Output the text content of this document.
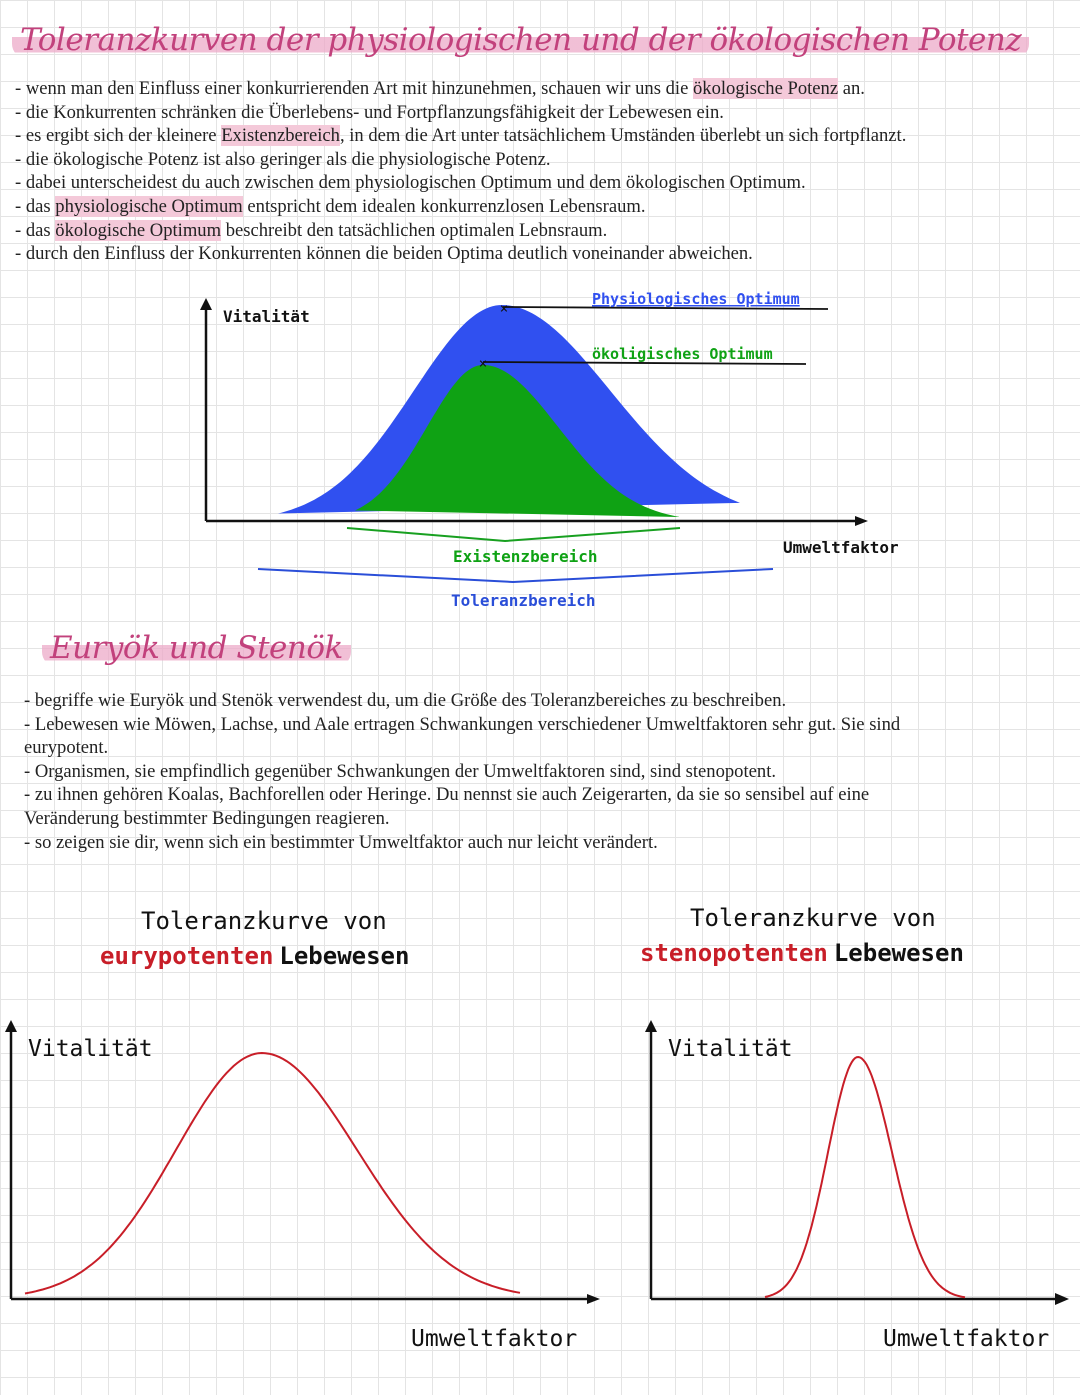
Toleranzkurven der physiologischen und der ökologischen Potenz
- wenn man den Einfluss einer konkurrierenden Art mit hinzunehmen, schauen wir uns die ökologische Potenz an.
- die Konkurrenten schränken die Überlebens- und Fortpflanzungsfähigkeit der Lebewesen ein.
- es ergibt sich der kleinere Existenzbereich, in dem die Art unter tatsächlichem Umständen überlebt un sich fortpflanzt.
- die ökologische Potenz ist also geringer als die physiologische Potenz.
- dabei unterscheidest du auch zwischen dem physiologischen Optimum und dem ökologischen Optimum.
- das physiologische Optimum entspricht dem idealen konkurrenzlosen Lebensraum.
- das ökologische Optimum beschreibt den tatsächlichen optimalen Lebnsraum.
- durch den Einfluss der Konkurrenten können die beiden Optima deutlich voneinander abweichen.
Euryök und Stenök
- begriffe wie Euryök und Stenök verwendest du, um die Größe des Toleranzbereiches zu beschreiben.
- Lebewesen wie Möwen, Lachse, und Aale ertragen Schwankungen verschiedener Umweltfaktoren sehr gut. Sie sind
eurypotent.
- Organismen, sie empfindlich gegenüber Schwankungen der Umweltfaktoren sind, sind stenopotent.
- zu ihnen gehören Koalas, Bachforellen oder Heringe. Du nennst sie auch Zeigerarten, da sie so sensibel auf eine
Veränderung bestimmter Bedingungen reagieren.
- so zeigen sie dir, wenn sich ein bestimmter Umweltfaktor auch nur leicht verändert.
×
×
Physiologisches Optimum
ökoligisches Optimum
Vitalität
Umweltfaktor
Existenzbereich
Toleranzbereich
Toleranzkurve von
eurypotenten Lebewesen
Vitalität
Umweltfaktor
Toleranzkurve von
stenopotenten Lebewesen
Vitalität
Umweltfaktor
